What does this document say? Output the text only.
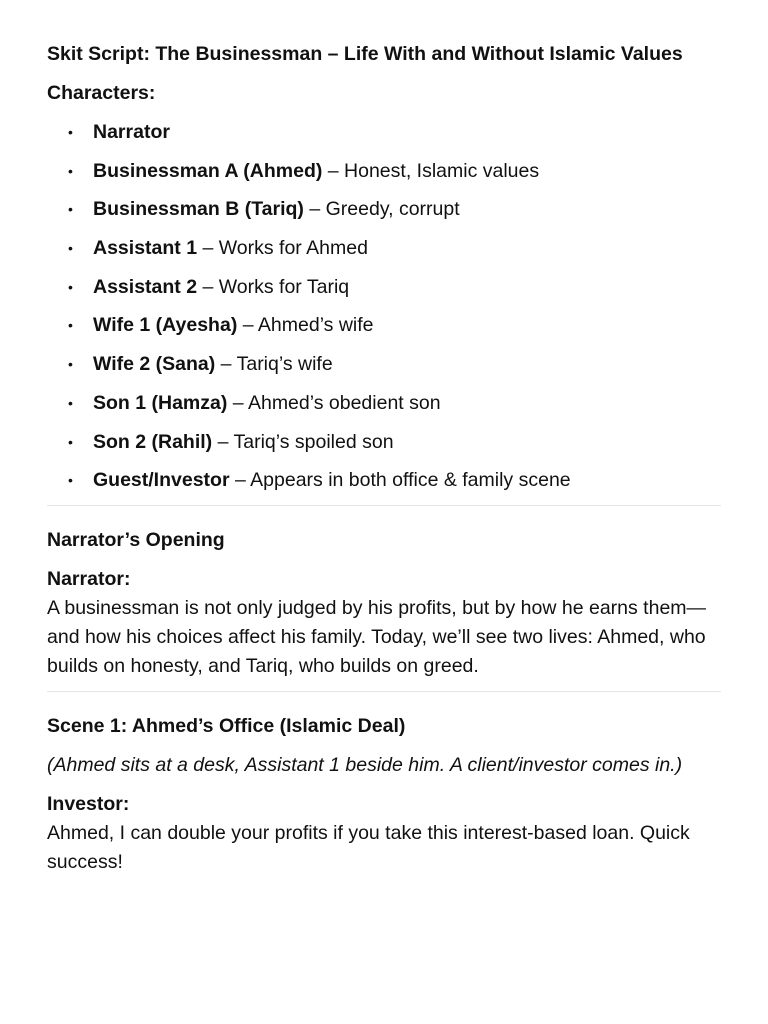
Skit Script: The Businessman – Life With and Without Islamic Values

Characters:

• Narrator
• Businessman A (Ahmed) – Honest, Islamic values
• Businessman B (Tariq) – Greedy, corrupt
• Assistant 1 – Works for Ahmed
• Assistant 2 – Works for Tariq
• Wife 1 (Ayesha) – Ahmed’s wife
• Wife 2 (Sana) – Tariq’s wife
• Son 1 (Hamza) – Ahmed’s obedient son
• Son 2 (Rahil) – Tariq’s spoiled son
• Guest/Investor – Appears in both office & family scene

Narrator’s Opening

Narrator:

A businessman is not only judged by his profits, but by how he earns them—and how his choices affect his family. Today, we’ll see two lives: Ahmed, who builds on honesty, and Tariq, who builds on greed.

Scene 1: Ahmed’s Office (Islamic Deal)

(Ahmed sits at a desk, Assistant 1 beside him. A client/investor comes in.)

Investor:

Ahmed, I can double your profits if you take this interest-based loan. Quick success!
